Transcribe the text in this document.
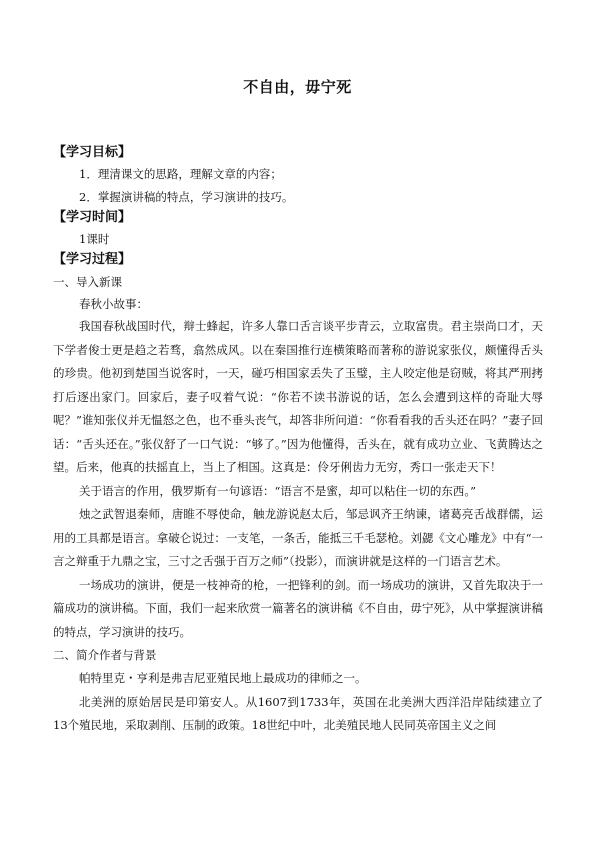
不自由，毋宁死

【学习目标】

1．理清课文的思路，理解文章的内容；

2．掌握演讲稿的特点，学习演讲的技巧。

【学习时间】

1课时

【学习过程】

一、导入新课

春秋小故事：

我国春秋战国时代，辩士蜂起，许多人靠口舌言谈平步青云，立取富贵。君主崇尚口才，天下学者俊士更是趋之若骛，翕然成风。以在秦国推行连横策略而著称的游说家张仪，颇懂得舌头的珍贵。他初到楚国当说客时，一天，碰巧相国家丢失了玉璧，主人咬定他是窃贼，将其严刑拷打后逐出家门。回家后，妻子叹着气说：“你若不读书游说的话，怎么会遭到这样的奇耻大辱呢？”谁知张仪并无愠怒之色，也不垂头丧气，却答非所问道：“你看看我的舌头还在吗？”妻子回话：“舌头还在。”张仪舒了一口气说：“够了。”因为他懂得，舌头在，就有成功立业、飞黄腾达之望。后来，他真的扶摇直上，当上了相国。这真是：伶牙俐齿力无穷，秀口一张走天下！

关于语言的作用，俄罗斯有一句谚语：“语言不是蜜，却可以粘住一切的东西。”

烛之武智退秦师，唐睢不辱使命，触龙游说赵太后，邹忌讽齐王纳谏，诸葛亮舌战群儒，运用的工具都是语言。拿破仑说过：一支笔，一条舌，能抵三千毛瑟枪。刘勰《文心雕龙》中有“一言之辩重于九鼎之宝，三寸之舌强于百万之师”（投影），而演讲就是这样的一门语言艺术。

一场成功的演讲，便是一枝神奇的枪，一把锋利的剑。而一场成功的演讲，又首先取决于一篇成功的演讲稿。下面，我们一起来欣赏一篇著名的演讲稿《不自由，毋宁死》，从中掌握演讲稿的特点，学习演讲的技巧。

二、简介作者与背景

帕特里克・亨利是弗吉尼亚殖民地上最成功的律师之一。

北美洲的原始居民是印第安人。从1607到1733年，英国在北美洲大西洋沿岸陆续建立了13个殖民地，采取剥削、压制的政策。18世纪中叶，北美殖民地人民同英帝国主义之间
